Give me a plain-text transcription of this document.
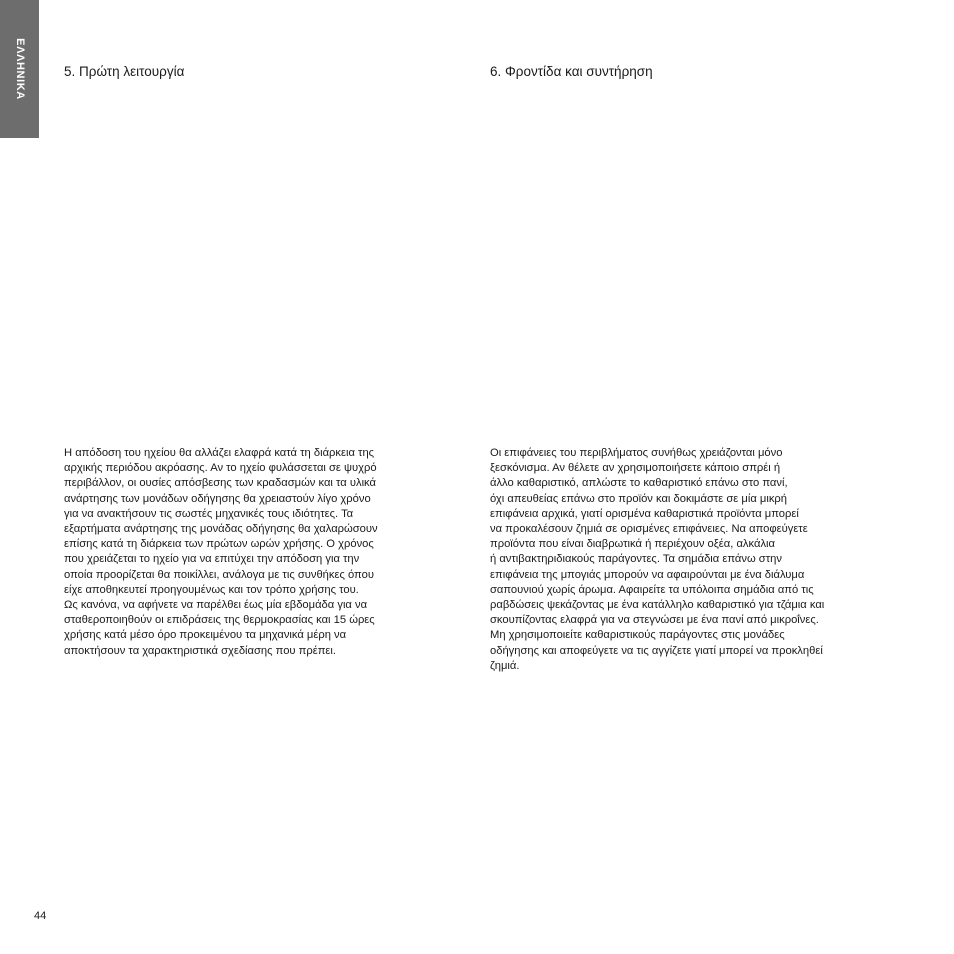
ΕΛΛΗΝΙΚΑ	5. Πρώτη λειτουργία	6. Φροντίδα και συντήρηση

Η απόδοση του ηχείου θα αλλάζει ελαφρά κατά τη διάρκεια της
αρχικής περιόδου ακρόασης. Αν το ηχείο φυλάσσεται σε ψυχρό
περιβάλλον, οι ουσίες απόσβεσης των κραδασμών και τα υλικά
ανάρτησης των μονάδων οδήγησης θα χρειαστούν λίγο χρόνο
για να ανακτήσουν τις σωστές μηχανικές τους ιδιότητες. Τα
εξαρτήματα ανάρτησης της μονάδας οδήγησης θα χαλαρώσουν
επίσης κατά τη διάρκεια των πρώτων ωρών χρήσης. Ο χρόνος
που χρειάζεται το ηχείο για να επιτύχει την απόδοση για την
οποία προορίζεται θα ποικίλλει, ανάλογα με τις συνθήκες όπου
είχε αποθηκευτεί προηγουμένως και τον τρόπο χρήσης του.
Ως κανόνα, να αφήνετε να παρέλθει έως μία εβδομάδα για να
σταθεροποιηθούν οι επιδράσεις της θερμοκρασίας και 15 ώρες
χρήσης κατά μέσο όρο προκειμένου τα μηχανικά μέρη να
αποκτήσουν τα χαρακτηριστικά σχεδίασης που πρέπει.

Οι επιφάνειες του περιβλήματος συνήθως χρειάζονται μόνο
ξεσκόνισμα. Αν θέλετε αν χρησιμοποιήσετε κάποιο σπρέι ή
άλλο καθαριστικό, απλώστε το καθαριστικό επάνω στο πανί,
όχι απευθείας επάνω στο προϊόν και δοκιμάστε σε μία μικρή
επιφάνεια αρχικά, γιατί ορισμένα καθαριστικά προϊόντα μπορεί
να προκαλέσουν ζημιά σε ορισμένες επιφάνειες. Να αποφεύγετε
προϊόντα που είναι διαβρωτικά ή περιέχουν οξέα, αλκάλια
ή αντιβακτηριδιακούς παράγοντες. Τα σημάδια επάνω στην
επιφάνεια της μπογιάς μπορούν να αφαιρούνται με ένα διάλυμα
σαπουνιού χωρίς άρωμα. Αφαιρείτε τα υπόλοιπα σημάδια από τις
ραβδώσεις ψεκάζοντας με ένα κατάλληλο καθαριστικό για τζάμια και
σκουπίζοντας ελαφρά για να στεγνώσει με ένα πανί από μικροΐνες.
Μη χρησιμοποιείτε καθαριστικούς παράγοντες στις μονάδες
οδήγησης και αποφεύγετε να τις αγγίζετε γιατί μπορεί να προκληθεί
ζημιά.

44
